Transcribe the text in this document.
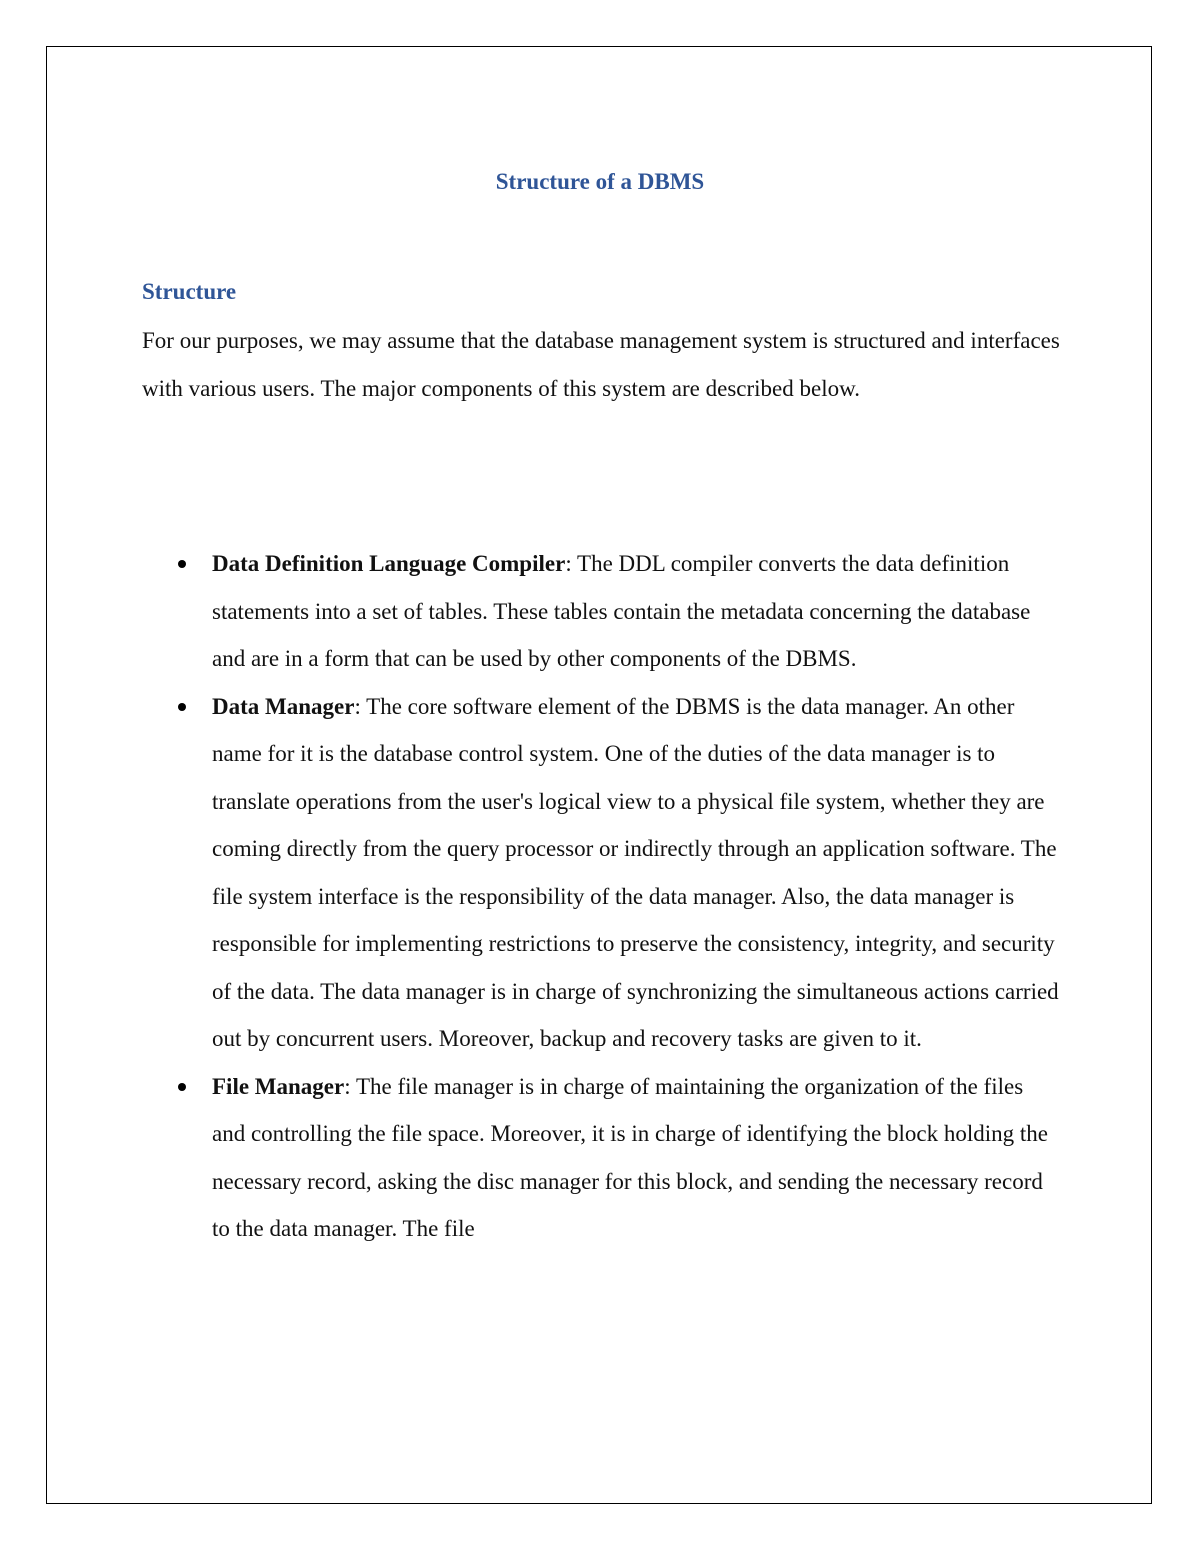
Structure of a DBMS
Structure

For our purposes, we may assume that the database management system is structured and interfaces with various users. The major components of this system are described below.

Data Definition Language Compiler: The DDL compiler converts the data definition statements into a set of tables. These tables contain the metadata concerning the database and are in a form that can be used by other components of the DBMS.
Data Manager: The core software element of the DBMS is the data manager. An other name for it is the database control system. One of the duties of the data manager is to translate operations from the user's logical view to a physical file system, whether they are coming directly from the query processor or indirectly through an application software. The file system interface is the responsibility of the data manager. Also, the data manager is responsible for implementing restrictions to preserve the consistency, integrity, and security of the data. The data manager is in charge of synchronizing the simultaneous actions carried out by concurrent users. Moreover, backup and recovery tasks are given to it.
File Manager: The file manager is in charge of maintaining the organization of the files and controlling the file space. Moreover, it is in charge of identifying the block holding the necessary record, asking the disc manager for this block, and sending the necessary record to the data manager. The file
